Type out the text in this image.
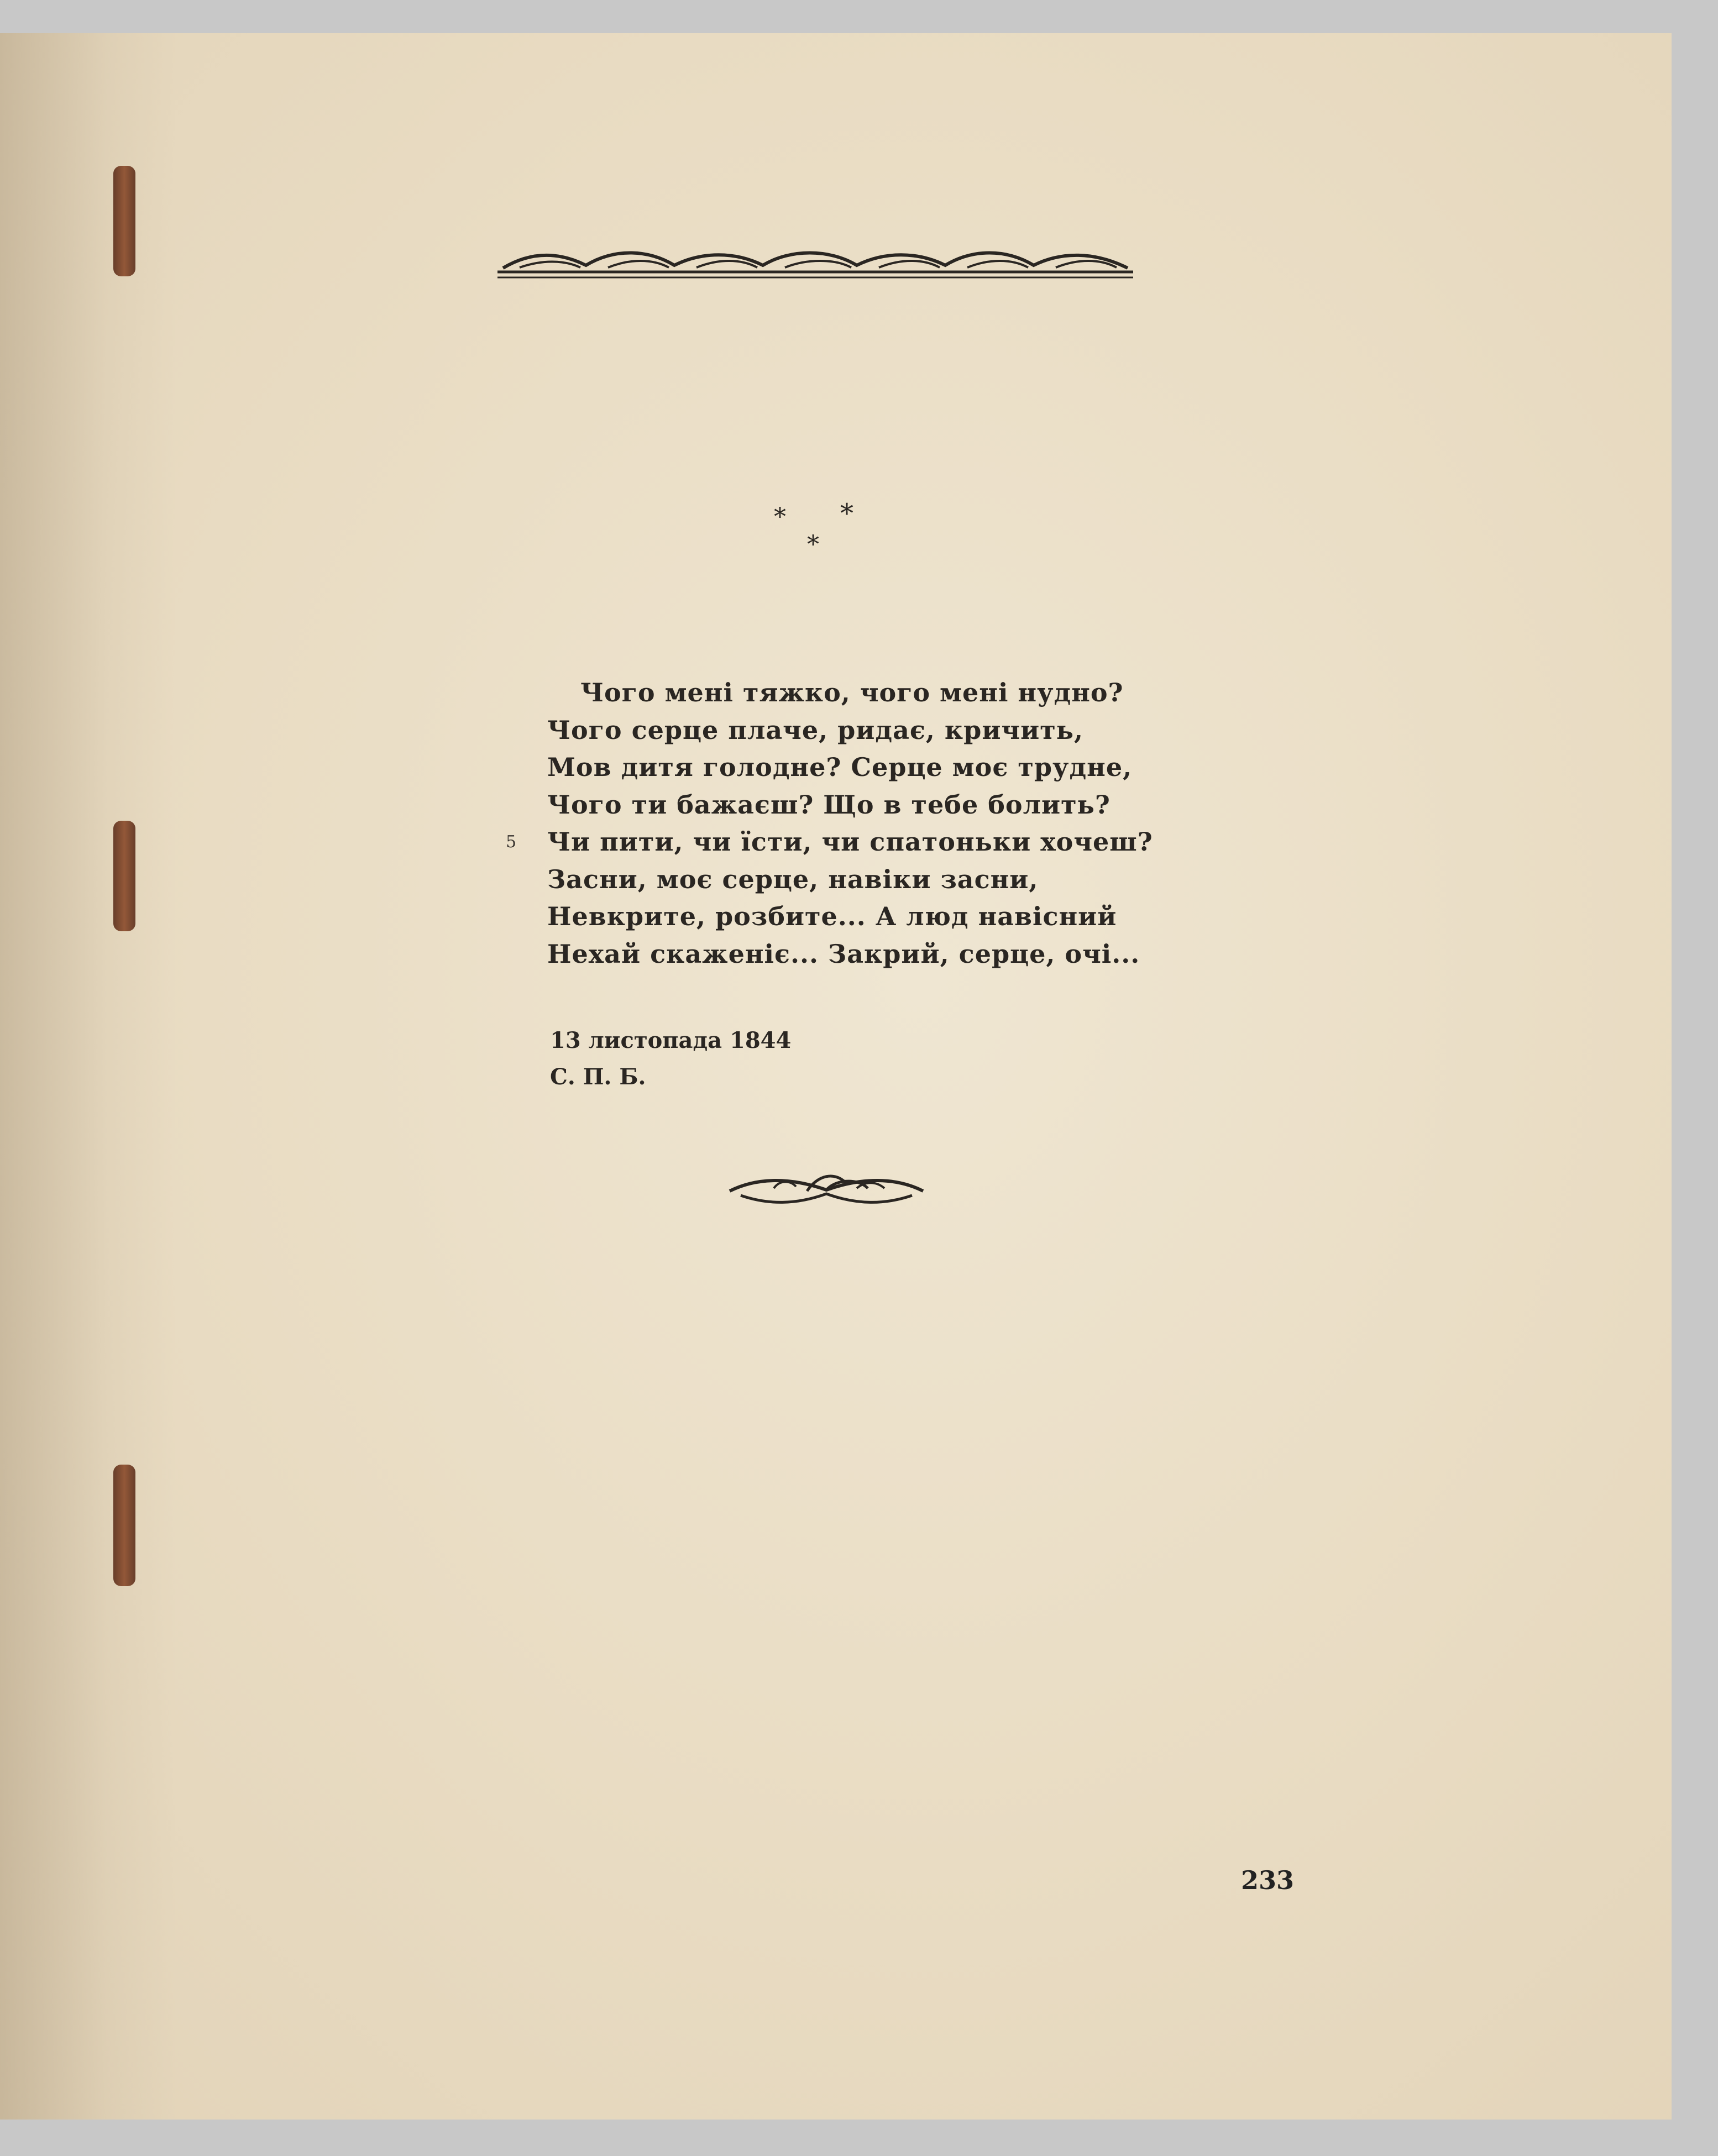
* *
*
Чого мені тяжко, чого мені нудно?
Чого серце плаче, ридає, кричить,
Мов дитя голодне? Серце моє трудне,
Чого ти бажаєш? Що в тебе болить?
5 Чи пити, чи їсти, чи спатоньки хочеш?
Засни, моє серце, навіки засни,
Невкрите, розбите... А люд навісний
Нехай скаженіє... Закрий, серце, очі...
13 листопада 1844
С. П. Б.
233
